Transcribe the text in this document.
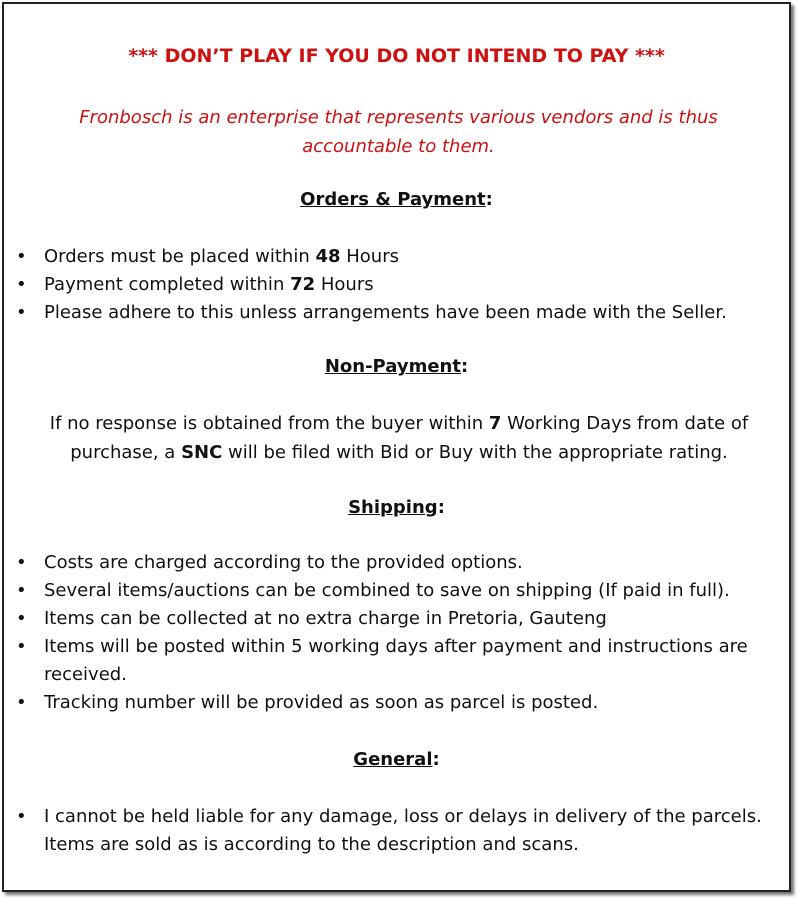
*** DON’T PLAY IF YOU DO NOT INTEND TO PAY ***
Fronbosch is an enterprise that represents various vendors and is thus accountable to them.
Orders & Payment:
• Orders must be placed within 48 Hours
• Payment completed within 72 Hours
• Please adhere to this unless arrangements have been made with the Seller.
Non-Payment:
If no response is obtained from the buyer within 7 Working Days from date of purchase, a SNC will be filed with Bid or Buy with the appropriate rating.
Shipping:
• Costs are charged according to the provided options.
• Several items/auctions can be combined to save on shipping (If paid in full).
• Items can be collected at no extra charge in Pretoria, Gauteng
• Items will be posted within 5 working days after payment and instructions are received.
• Tracking number will be provided as soon as parcel is posted.
General:
• I cannot be held liable for any damage, loss or delays in delivery of the parcels. Items are sold as is according to the description and scans.
